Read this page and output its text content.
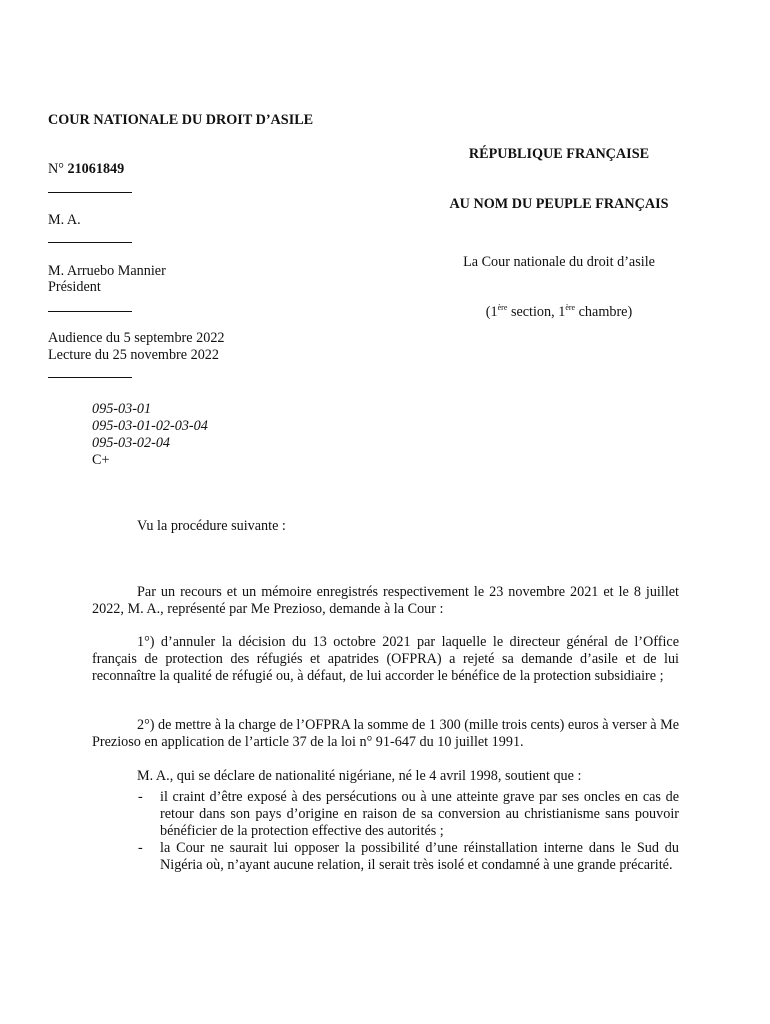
COUR NATIONALE DU DROIT D’ASILE

N° 21061849

M. A.

M. Arruebo Mannier

Président

Audience du 5 septembre 2022

Lecture du 25 novembre 2022

095-03-01

095-03-01-02-03-04

095-03-02-04

C+

RÉPUBLIQUE FRANÇAISE

AU NOM DU PEUPLE FRANÇAIS

La Cour nationale du droit d’asile

(1ère section, 1ère chambre)

Vu la procédure suivante :

Par un recours et un mémoire enregistrés respectivement le 23 novembre 2021 et le 8 juillet 2022, M. A., représenté par Me Prezioso, demande à la Cour :

1°) d’annuler la décision du 13 octobre 2021 par laquelle le directeur général de l’Office français de protection des réfugiés et apatrides (OFPRA) a rejeté sa demande d’asile et de lui reconnaître la qualité de réfugié ou, à défaut, de lui accorder le bénéfice de la protection subsidiaire ;

2°) de mettre à la charge de l’OFPRA la somme de 1 300 (mille trois cents) euros à verser à Me Prezioso en application de l’article 37 de la loi n° 91-647 du 10 juillet 1991.

M. A., qui se déclare de nationalité nigériane, né le 4 avril 1998, soutient que :

-	il craint d’être exposé à des persécutions ou à une atteinte grave par ses oncles en cas de retour dans son pays d’origine en raison de sa conversion au christianisme sans pouvoir bénéficier de la protection effective des autorités ;
-	la Cour ne saurait lui opposer la possibilité d’une réinstallation interne dans le Sud du Nigéria où, n’ayant aucune relation, il serait très isolé et condamné à une grande précarité.
